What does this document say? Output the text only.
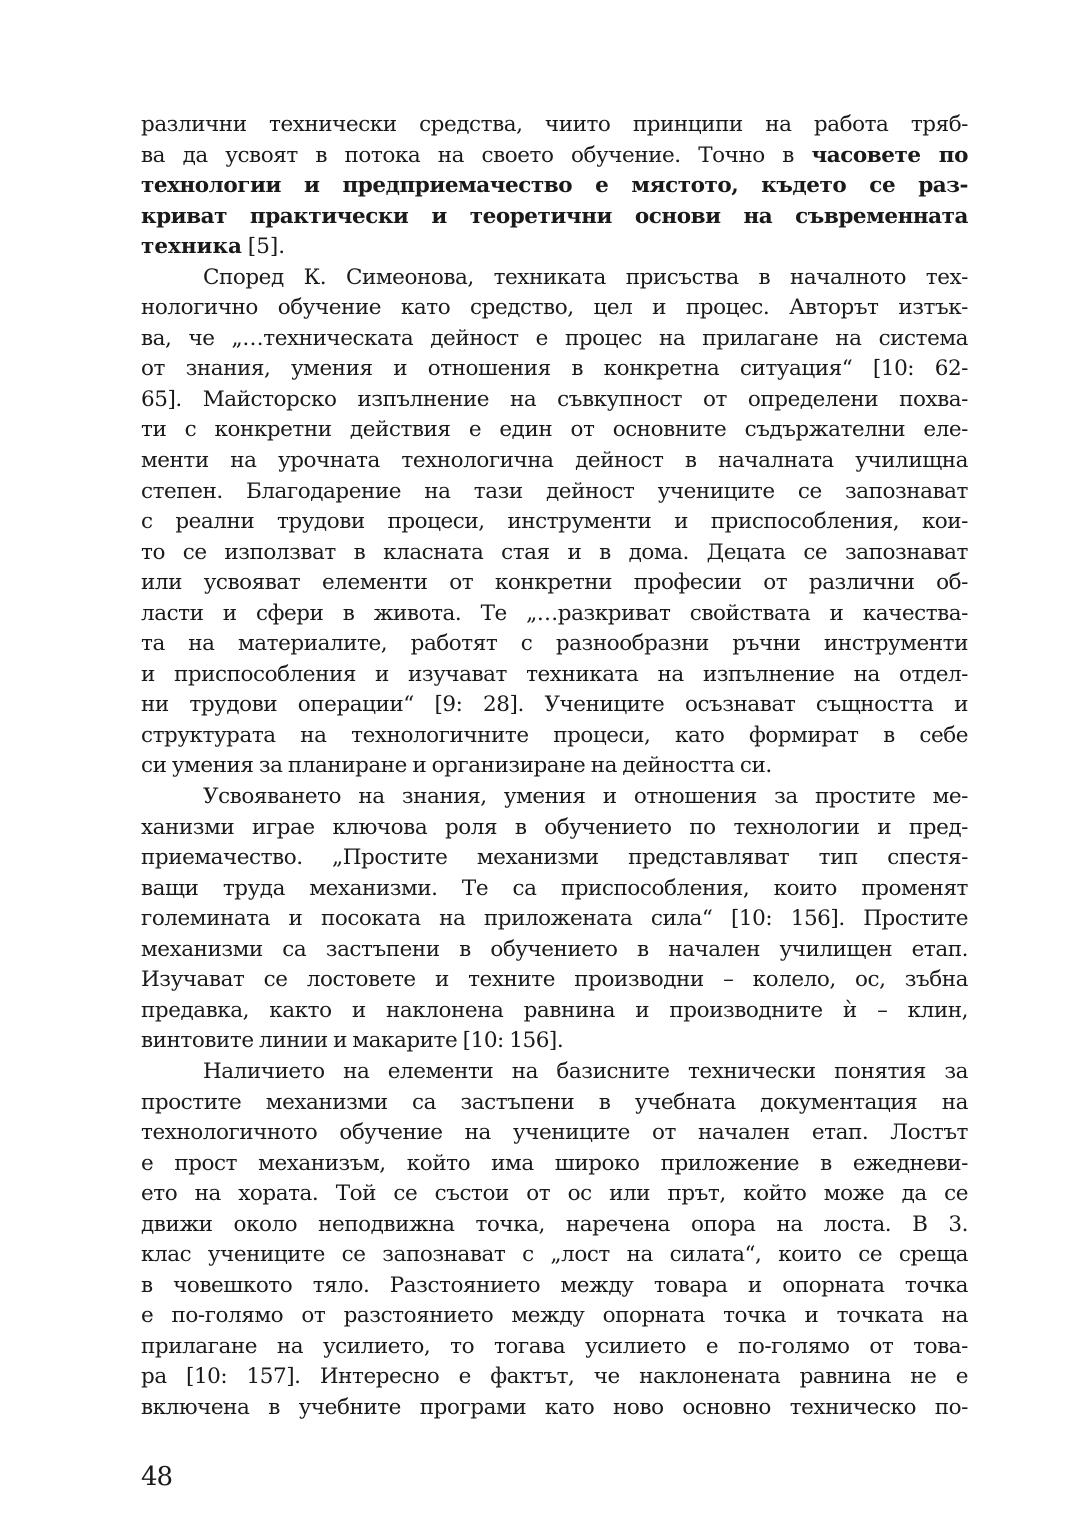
различни технически средства, чиито принципи на работа тряб-
ва да усвоят в потока на своето обучение. Точно в часовете по
технологии и предприемачество е мястото, където се раз-
криват практически и теоретични основи на съвременната
техника [5].
Според К. Симеонова, техниката присъства в началното тех-
нологично обучение като средство, цел и процес. Авторът изтък-
ва, че „…техническата дейност е процес на прилагане на система
от знания, умения и отношения в конкретна ситуация“ [10: 62-
65]. Майсторско изпълнение на съвкупност от определени похва-
ти с конкретни действия е един от основните съдържателни еле-
менти на урочната технологична дейност в началната училищна
степен. Благодарение на тази дейност учениците се запознават
с реални трудови процеси, инструменти и приспособления, кои-
то се използват в класната стая и в дома. Децата се запознават
или усвояват елементи от конкретни професии от различни об-
ласти и сфери в живота. Те „…разкриват свойствата и качества-
та на материалите, работят с разнообразни ръчни инструменти
и приспособления и изучават техниката на изпълнение на отдел-
ни трудови операции“ [9: 28]. Учениците осъзнават същността и
структурата на технологичните процеси, като формират в себе
си умения за планиране и организиране на дейността си.
Усвояването на знания, умения и отношения за простите ме-
ханизми играе ключова роля в обучението по технологии и пред-
приемачество. „Простите механизми представляват тип спестя-
ващи труда механизми. Те са приспособления, които променят
големината и посоката на приложената сила“ [10: 156]. Простите
механизми са застъпени в обучението в начален училищен етап.
Изучават се лостовете и техните производни – колело, ос, зъбна
предавка, както и наклонена равнина и производните ѝ – клин,
винтовите линии и макарите [10: 156].
Наличието на елементи на базисните технически понятия за
простите механизми са застъпени в учебната документация на
технологичното обучение на учениците от начален етап. Лостът
е прост механизъм, който има широко приложение в ежедневи-
ето на хората. Той се състои от ос или прът, който може да се
движи около неподвижна точка, наречена опора на лоста. В 3.
клас учениците се запознават с „лост на силата“, които се среща
в човешкото тяло. Разстоянието между товара и опорната точка
е по-голямо от разстоянието между опорната точка и точката на
прилагане на усилието, то тогава усилието е по-голямо от това-
ра [10: 157]. Интересно е фактът, че наклонената равнина не е
включена в учебните програми като ново основно техническо по-
48
